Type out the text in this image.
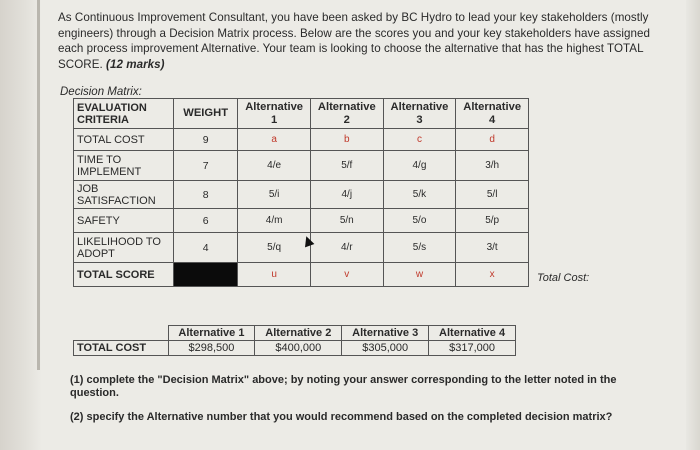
As Continuous Improvement Consultant, you have been asked by BC Hydro to lead your key stakeholders (mostly engineers) through a Decision Matrix process. Below are the scores you and your key stakeholders have assigned each process improvement Alternative. Your team is looking to choose the alternative that has the highest TOTAL SCORE. (12 marks)
Decision Matrix:
EVALUATION CRITERIA	WEIGHT	Alternative 1	Alternative 2	Alternative 3	Alternative 4
TOTAL COST	9	a	b	c	d
TIME TO IMPLEMENT	7	4/e	5/f	4/g	3/h
JOB SATISFACTION	8	5/i	4/j	5/k	5/l
SAFETY	6	4/m	5/n	5/o	5/p
LIKELIHOOD TO ADOPT	4	5/q	4/r	5/s	3/t
TOTAL SCORE		u	v	w	x	Total Cost:
	Alternative 1	Alternative 2	Alternative 3	Alternative 4
TOTAL COST	$298,500	$400,000	$305,000	$317,000
(1) complete the "Decision Matrix" above; by noting your answer corresponding to the letter noted in the question.
(2) specify the Alternative number that you would recommend based on the completed decision matrix?
